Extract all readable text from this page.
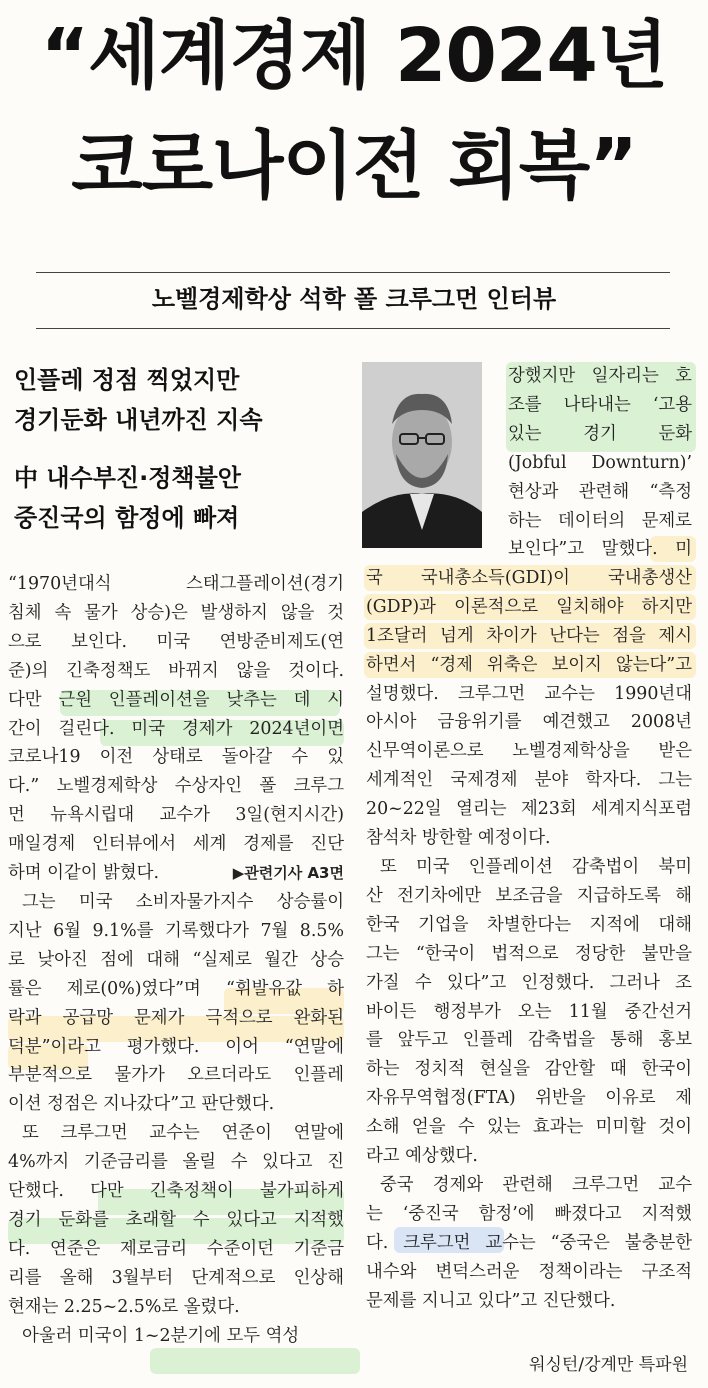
“세계경제 2024년
코로나이전 회복”
노벨경제학상 석학 폴 크루그먼 인터뷰
인플레 정점 찍었지만
경기둔화 내년까진 지속
中 내수부진·정책불안
중진국의 함정에 빠져

“1970년대식 스태그플레이션(경기

침체 속 물가 상승)은 발생하지 않을 것

으로 보인다. 미국 연방준비제도(연

준)의 긴축정책도 바뀌지 않을 것이다.

다만 근원 인플레이션을 낮추는 데 시

간이 걸린다. 미국 경제가 2024년이면

코로나19 이전 상태로 돌아갈 수 있

다.” 노벨경제학상 수상자인 폴 크루그

먼 뉴욕시립대 교수가 3일(현지시간)

매일경제 인터뷰에서 세계 경제를 진단

하며 이같이 밝혔다.	▶관련기사 A3면

그는 미국 소비자물가지수 상승률이

지난 6월 9.1%를 기록했다가 7월 8.5%

로 낮아진 점에 대해 “실제로 월간 상승

률은 제로(0%)였다”며 “휘발유값 하

락과 공급망 문제가 극적으로 완화된

덕분”이라고 평가했다. 이어 “연말에

부분적으로 물가가 오르더라도 인플레

이션 정점은 지나갔다”고 판단했다.

또 크루그먼 교수는 연준이 연말에

4%까지 기준금리를 올릴 수 있다고 진

단했다. 다만 긴축정책이 불가피하게

경기 둔화를 초래할 수 있다고 지적했

다. 연준은 제로금리 수준이던 기준금

리를 올해 3월부터 단계적으로 인상해

현재는 2.25~2.5%로 올렸다.

아울러 미국이 1~2분기에 모두 역성

장했지만 일자리는 호

조를 나타내는 ‘고용

있는 경기 둔화

(Jobful Downturn)’

현상과 관련해 “측정

하는 데이터의 문제로

보인다”고 말했다. 미

국 국내총소득(GDI)이 국내총생산

(GDP)과 이론적으로 일치해야 하지만

1조달러 넘게 차이가 난다는 점을 제시

하면서 “경제 위축은 보이지 않는다”고

설명했다. 크루그먼 교수는 1990년대

아시아 금융위기를 예견했고 2008년

신무역이론으로 노벨경제학상을 받은

세계적인 국제경제 분야 학자다. 그는

20~22일 열리는 제23회 세계지식포럼

참석차 방한할 예정이다.

또 미국 인플레이션 감축법이 북미

산 전기차에만 보조금을 지급하도록 해

한국 기업을 차별한다는 지적에 대해

그는 “한국이 법적으로 정당한 불만을

가질 수 있다”고 인정했다. 그러나 조

바이든 행정부가 오는 11월 중간선거

를 앞두고 인플레 감축법을 통해 홍보

하는 정치적 현실을 감안할 때 한국이

자유무역협정(FTA) 위반을 이유로 제

소해 얻을 수 있는 효과는 미미할 것이

라고 예상했다.

중국 경제와 관련해 크루그먼 교수

는 ‘중진국 함정’에 빠졌다고 지적했

다. 크루그먼 교수는 “중국은 불충분한

내수와 변덕스러운 정책이라는 구조적

문제를 지니고 있다”고 진단했다.

워싱턴/강계만 특파원
